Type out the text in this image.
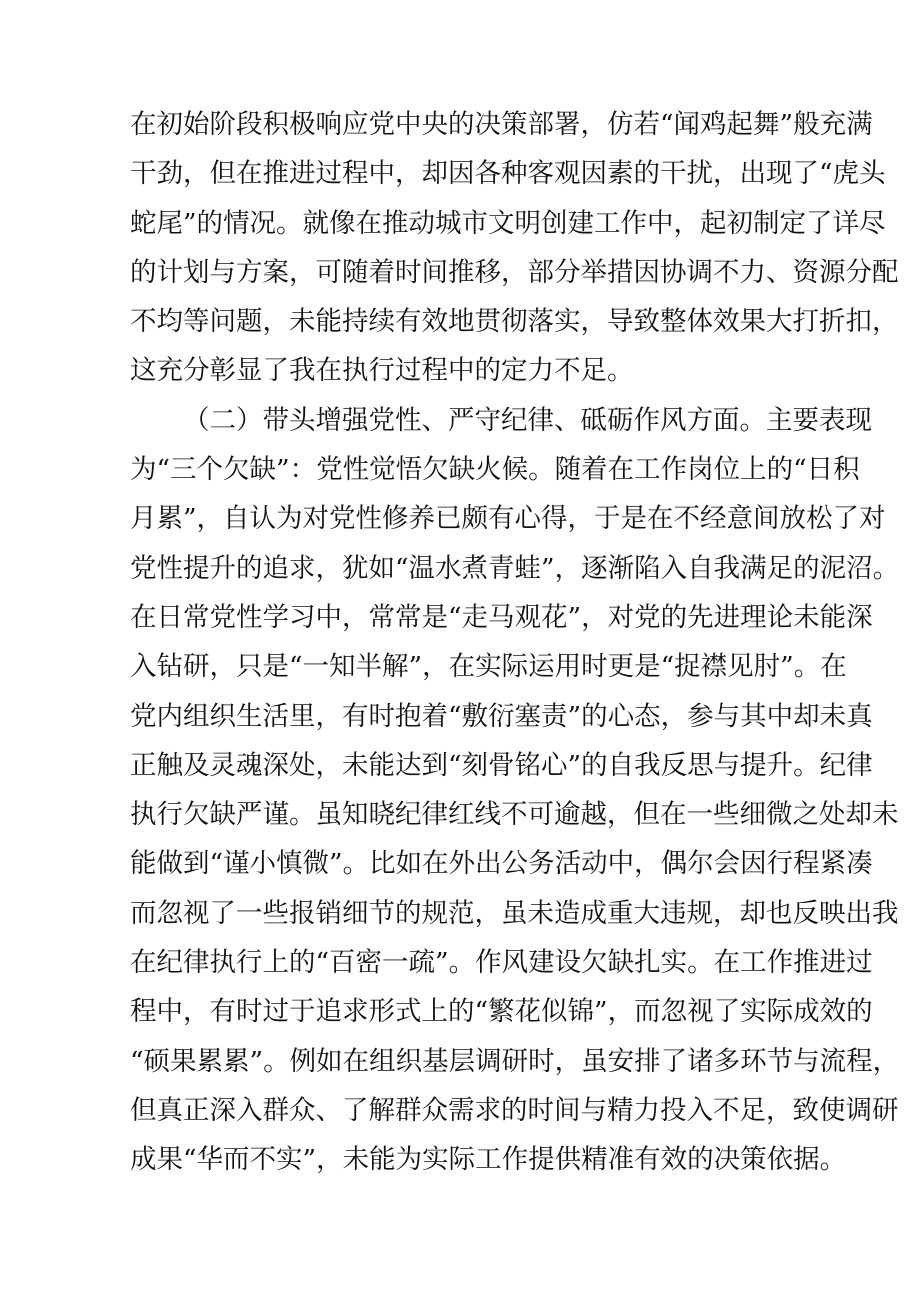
在初始阶段积极响应党中央的决策部署，仿若“闻鸡起舞”般充满
干劲，但在推进过程中，却因各种客观因素的干扰，出现了“虎头
蛇尾”的情况。就像在推动城市文明创建工作中，起初制定了详尽
的计划与方案，可随着时间推移，部分举措因协调不力、资源分配
不均等问题，未能持续有效地贯彻落实，导致整体效果大打折扣，
这充分彰显了我在执行过程中的定力不足。
（二）带头增强党性、严守纪律、砥砺作风方面。主要表现
为“三个欠缺”：党性觉悟欠缺火候。随着在工作岗位上的“日积
月累”，自认为对党性修养已颇有心得，于是在不经意间放松了对
党性提升的追求，犹如“温水煮青蛙”，逐渐陷入自我满足的泥沼。
在日常党性学习中，常常是“走马观花”，对党的先进理论未能深
入钻研，只是“一知半解”，在实际运用时更是“捉襟见肘”。在
党内组织生活里，有时抱着“敷衍塞责”的心态，参与其中却未真
正触及灵魂深处，未能达到“刻骨铭心”的自我反思与提升。纪律
执行欠缺严谨。虽知晓纪律红线不可逾越，但在一些细微之处却未
能做到“谨小慎微”。比如在外出公务活动中，偶尔会因行程紧凑
而忽视了一些报销细节的规范，虽未造成重大违规，却也反映出我
在纪律执行上的“百密一疏”。作风建设欠缺扎实。在工作推进过
程中，有时过于追求形式上的“繁花似锦”，而忽视了实际成效的
“硕果累累”。例如在组织基层调研时，虽安排了诸多环节与流程，
但真正深入群众、了解群众需求的时间与精力投入不足，致使调研
成果“华而不实”，未能为实际工作提供精准有效的决策依据。
